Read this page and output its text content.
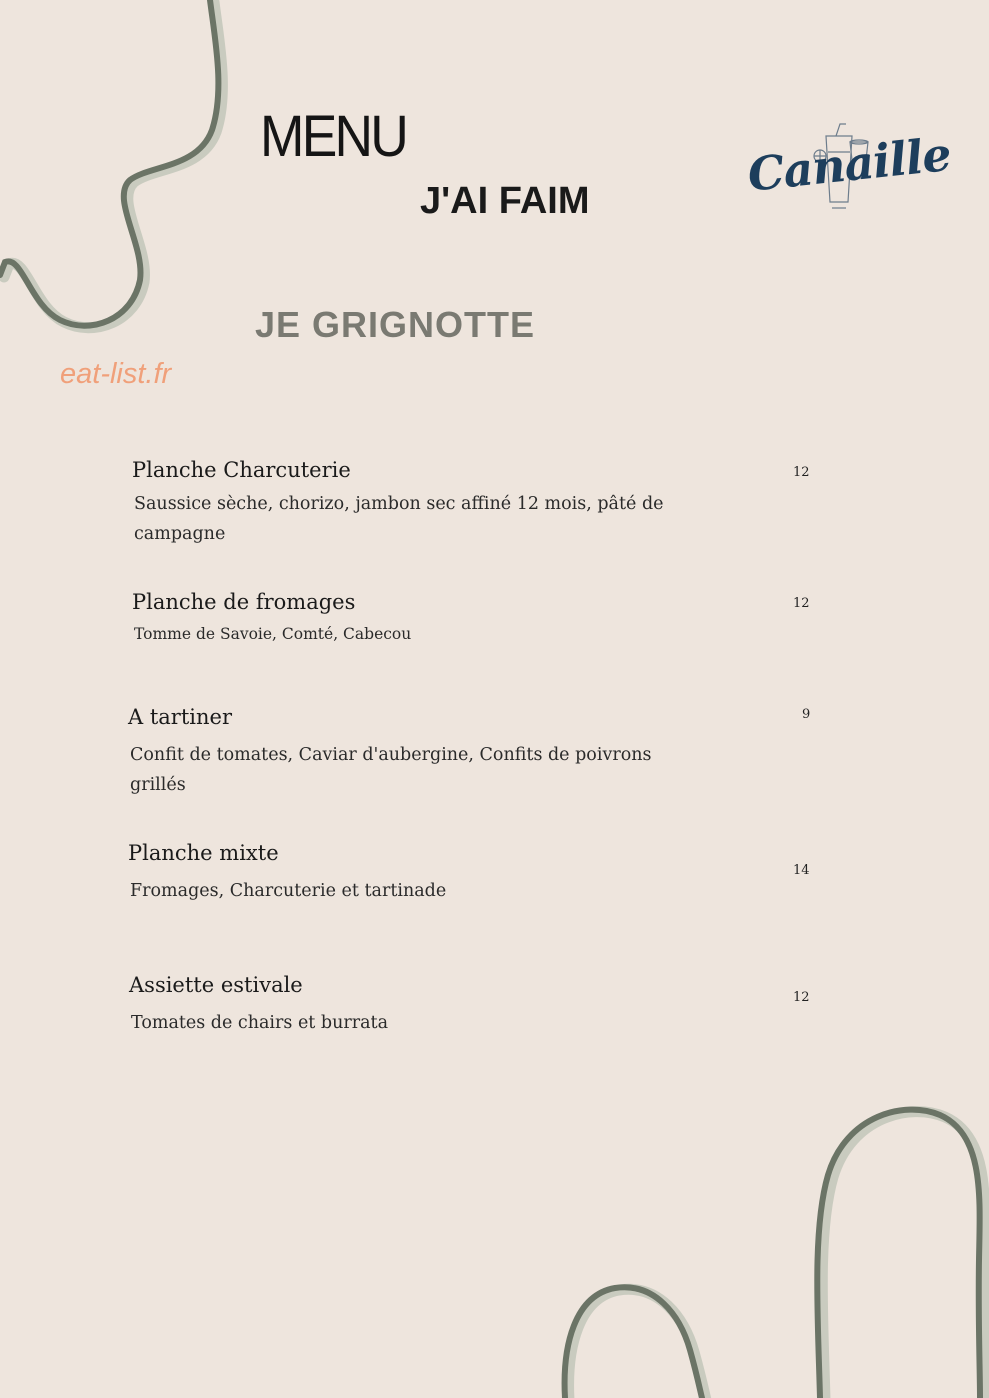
MENU
J'AI FAIM	Canaille
JE GRIGNOTTE
eat-list.fr
Planche Charcuterie
Saussice sèche, chorizo, jambon sec affiné 12 mois, pâté de campagne
12
Planche de fromages
Tomme de Savoie, Comté, Cabecou
12
A tartiner
Confit de tomates, Caviar d'aubergine, Confits de poivrons grillés
9
Planche mixte
Fromages, Charcuterie et tartinade
14
Assiette estivale
Tomates de chairs et burrata
12
